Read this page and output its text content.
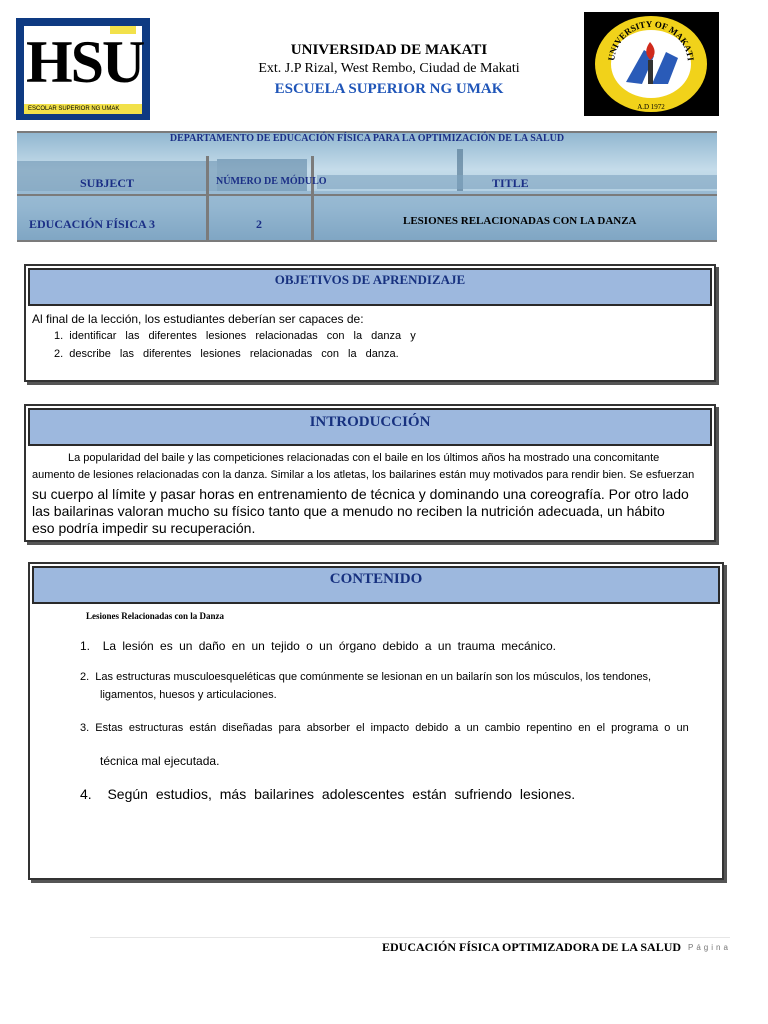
HSU
ESCOLAR SUPERIOR NG UMAK
UNIVERSIDAD DE MAKATI
Ext. J.P Rizal, West Rembo, Ciudad de Makati
ESCUELA SUPERIOR NG UMAK
UNIVERSITY OF MAKATI
A.D 1972
DEPARTAMENTO DE EDUCACIÓN FÍSICA PARA LA OPTIMIZACIÓN DE LA SALUD
SUBJECT	NÚMERO DE MÓDULO	TITLE
EDUCACIÓN FÍSICA 3	2	LESIONES RELACIONADAS CON LA DANZA
OBJETIVOS DE APRENDIZAJE
Al final de la lección, los estudiantes deberían ser capaces de:
1.  identificar las diferentes lesiones relacionadas con la danza y
2.  describe las diferentes lesiones relacionadas con la danza.
INTRODUCCIÓN
La popularidad del baile y las competiciones relacionadas con el baile en los últimos años ha mostrado una concomitante
aumento de lesiones relacionadas con la danza. Similar a los atletas, los bailarines están muy motivados para rendir bien. Se esfuerzan
su cuerpo al límite y pasar horas en entrenamiento de técnica y dominando una coreografía. Por otro lado
las bailarinas valoran mucho su físico tanto que a menudo no reciben la nutrición adecuada, un hábito
eso podría impedir su recuperación.
CONTENIDO
Lesiones Relacionadas con la Danza
1.  La lesión es un daño en un tejido o un órgano debido a un trauma mecánico.
2.  Las estructuras musculoesqueléticas que comúnmente se lesionan en un bailarín son los músculos, los tendones,
ligamentos, huesos y articulaciones.
3.  Estas estructuras están diseñadas para absorber el impacto debido a un cambio repentino en el programa o un
técnica mal ejecutada.
4.  Según estudios, más bailarines adolescentes están sufriendo lesiones.
EDUCACIÓN FÍSICA OPTIMIZADORA DE LA SALUD Página
